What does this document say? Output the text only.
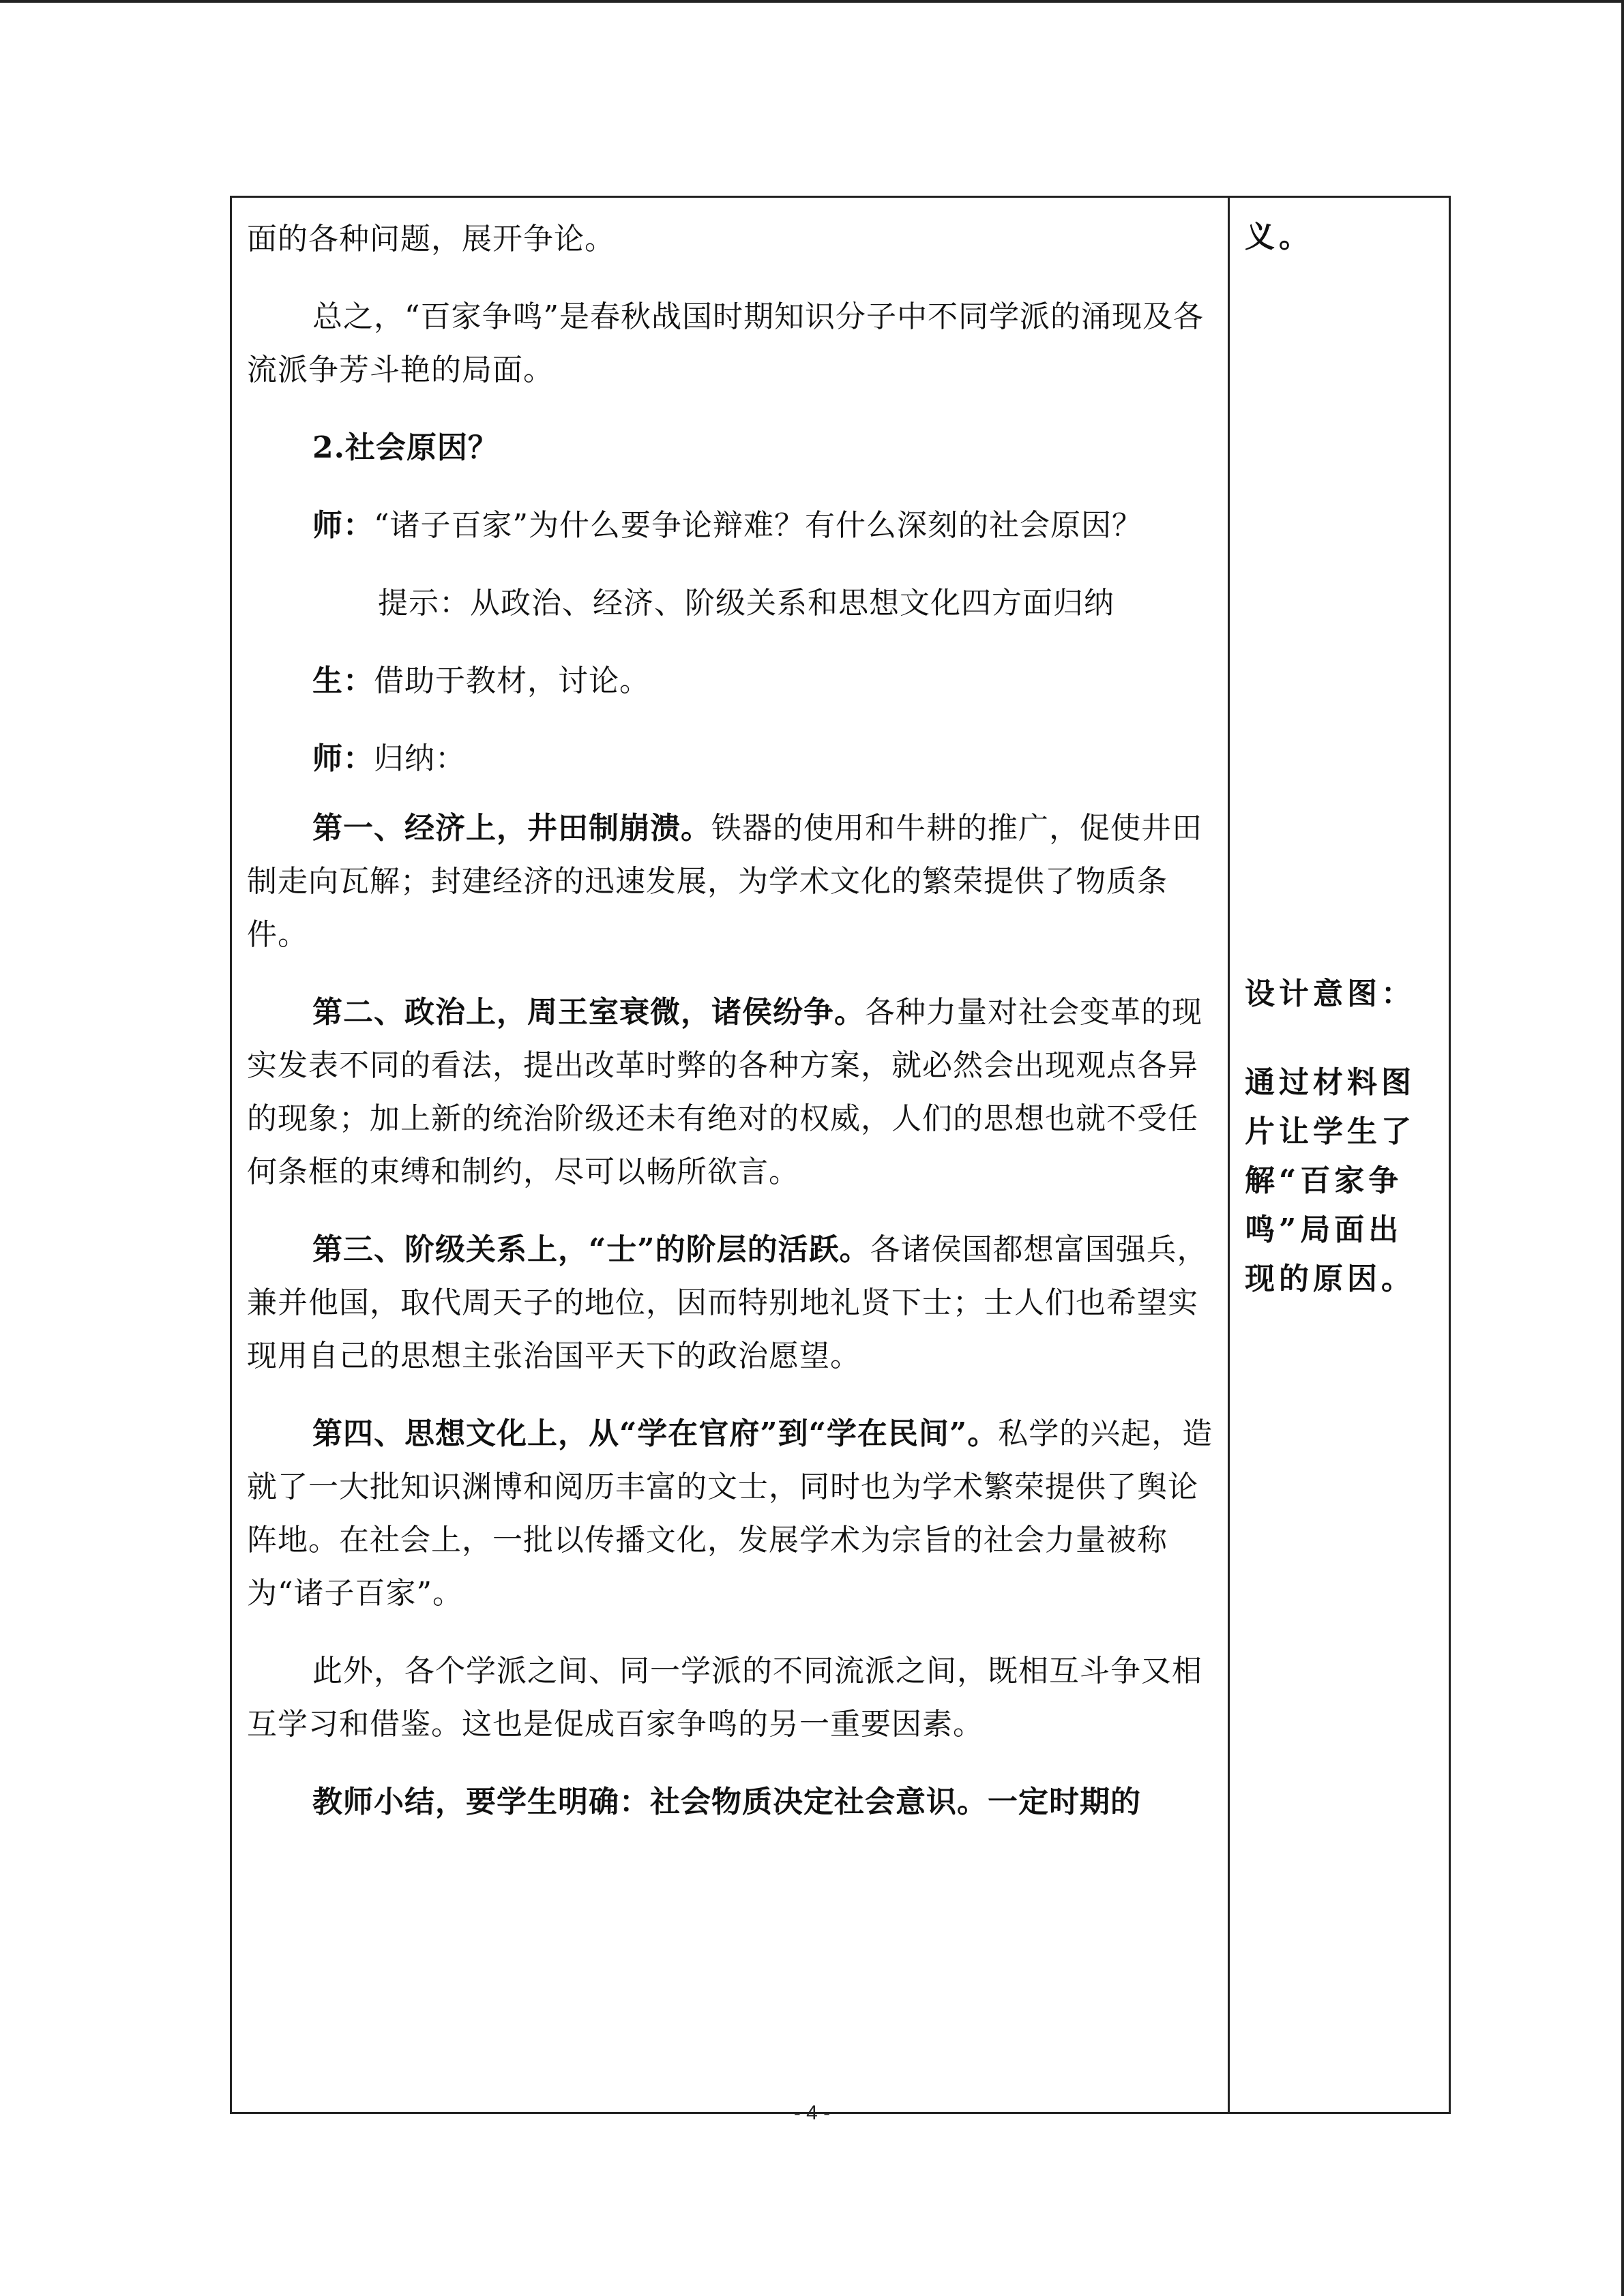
面的各种问题，展开争论。

总之，“百家争鸣”是春秋战国时期知识分子中不同学派的涌现及各流派争芳斗艳的局面。

2.社会原因？

师：“诸子百家”为什么要争论辩难？有什么深刻的社会原因？

提示：从政治、经济、阶级关系和思想文化四方面归纳

生：借助于教材，讨论。

师：归纳：

第一、经济上，井田制崩溃。铁器的使用和牛耕的推广，促使井田制走向瓦解；封建经济的迅速发展，为学术文化的繁荣提供了物质条件。

第二、政治上，周王室衰微，诸侯纷争。各种力量对社会变革的现实发表不同的看法，提出改革时弊的各种方案，就必然会出现观点各异的现象；加上新的统治阶级还未有绝对的权威，人们的思想也就不受任何条框的束缚和制约，尽可以畅所欲言。

第三、阶级关系上，“士”的阶层的活跃。各诸侯国都想富国强兵，兼并他国，取代周天子的地位，因而特别地礼贤下士；士人们也希望实现用自己的思想主张治国平天下的政治愿望。

第四、思想文化上，从“学在官府”到“学在民间”。私学的兴起，造就了一大批知识渊博和阅历丰富的文士，同时也为学术繁荣提供了舆论阵地。在社会上，一批以传播文化，发展学术为宗旨的社会力量被称为“诸子百家”。

此外，各个学派之间、同一学派的不同流派之间，既相互斗争又相互学习和借鉴。这也是促成百家争鸣的另一重要因素。

教师小结，要学生明确：社会物质决定社会意识。一定时期的

义。

设计意图：

通过材料图片让学生了解“百家争鸣”局面出现的原因。

- 4 -
